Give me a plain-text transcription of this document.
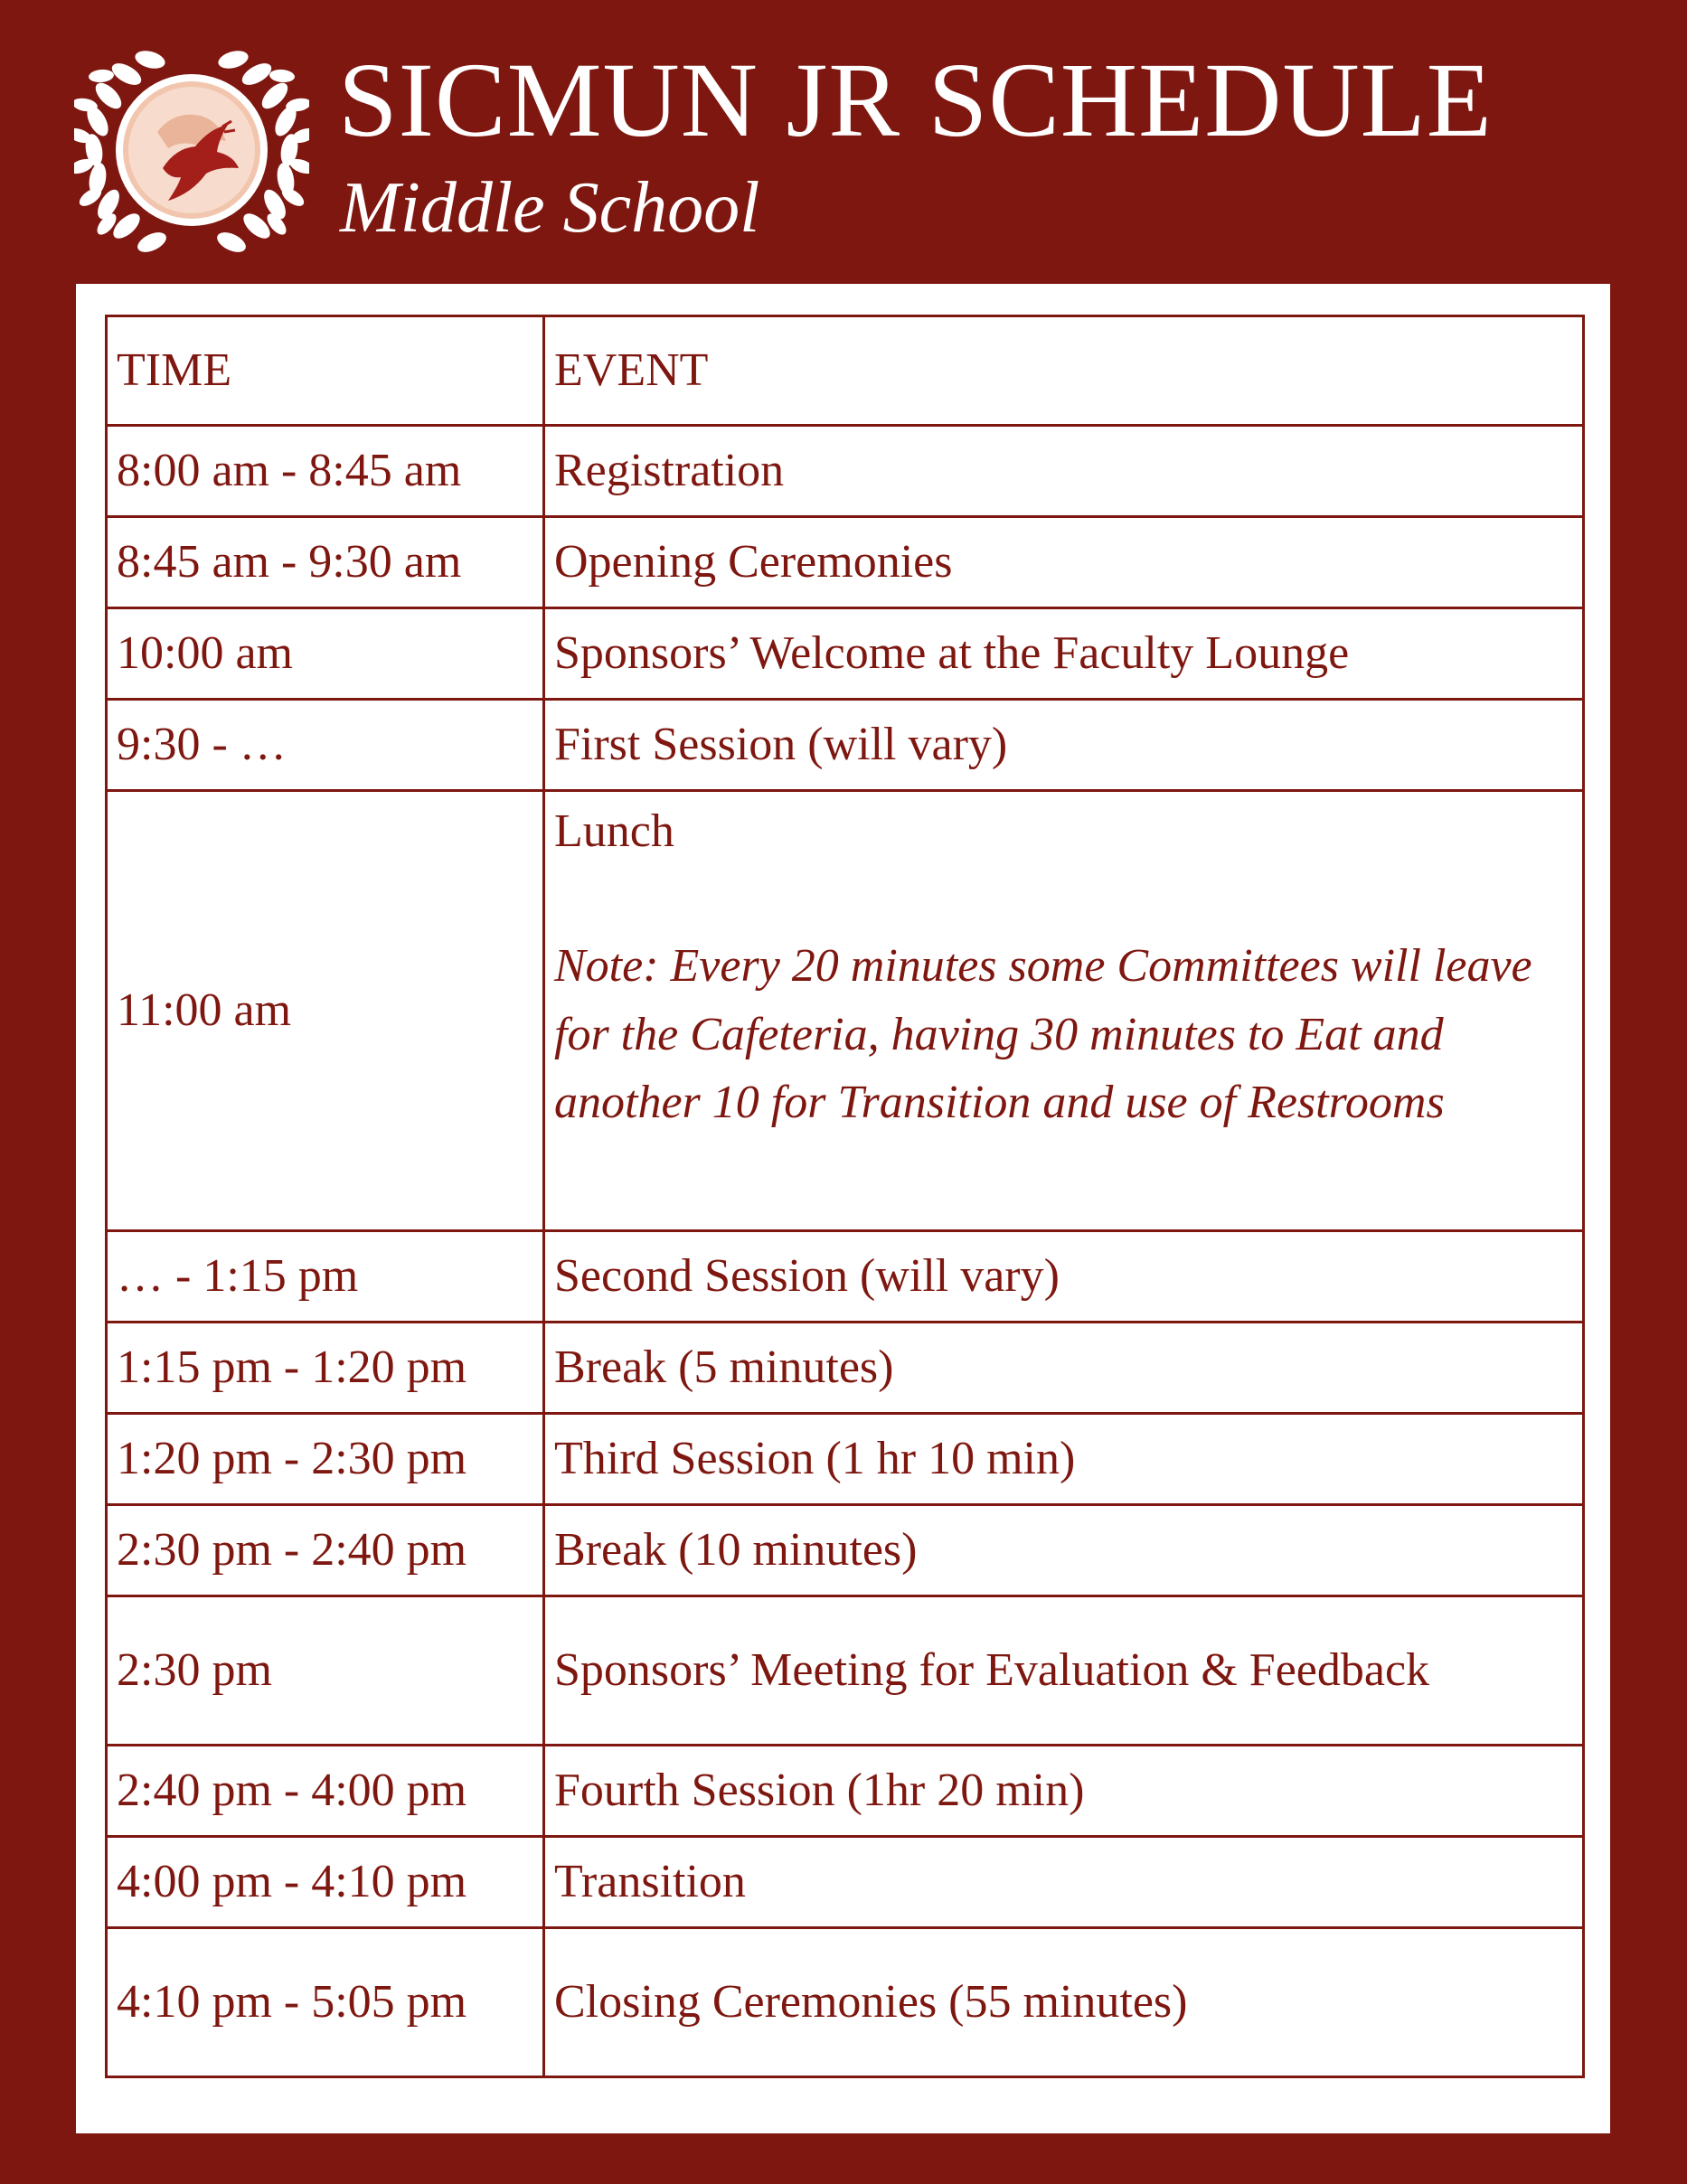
SICMUN JR SCHEDULE
Middle School
TIME	EVENT
8:00 am - 8:45 am	Registration
8:45 am - 9:30 am	Opening Ceremonies
10:00 am	Sponsors’ Welcome at the Faculty Lounge
9:30 - …	First Session (will vary)
11:00 am	Lunch
Note: Every 20 minutes some Committees will leave for the Cafeteria, having 30 minutes to Eat and another 10 for Transition and use of Restrooms

… - 1:15 pm	Second Session (will vary)
1:15 pm - 1:20 pm	Break (5 minutes)
1:20 pm - 2:30 pm	Third Session (1 hr 10 min)
2:30 pm - 2:40 pm	Break (10 minutes)
2:30 pm	Sponsors’ Meeting for Evaluation & Feedback
2:40 pm - 4:00 pm	Fourth Session (1hr 20 min)
4:00 pm - 4:10 pm	Transition
4:10 pm - 5:05 pm	Closing Ceremonies (55 minutes)
